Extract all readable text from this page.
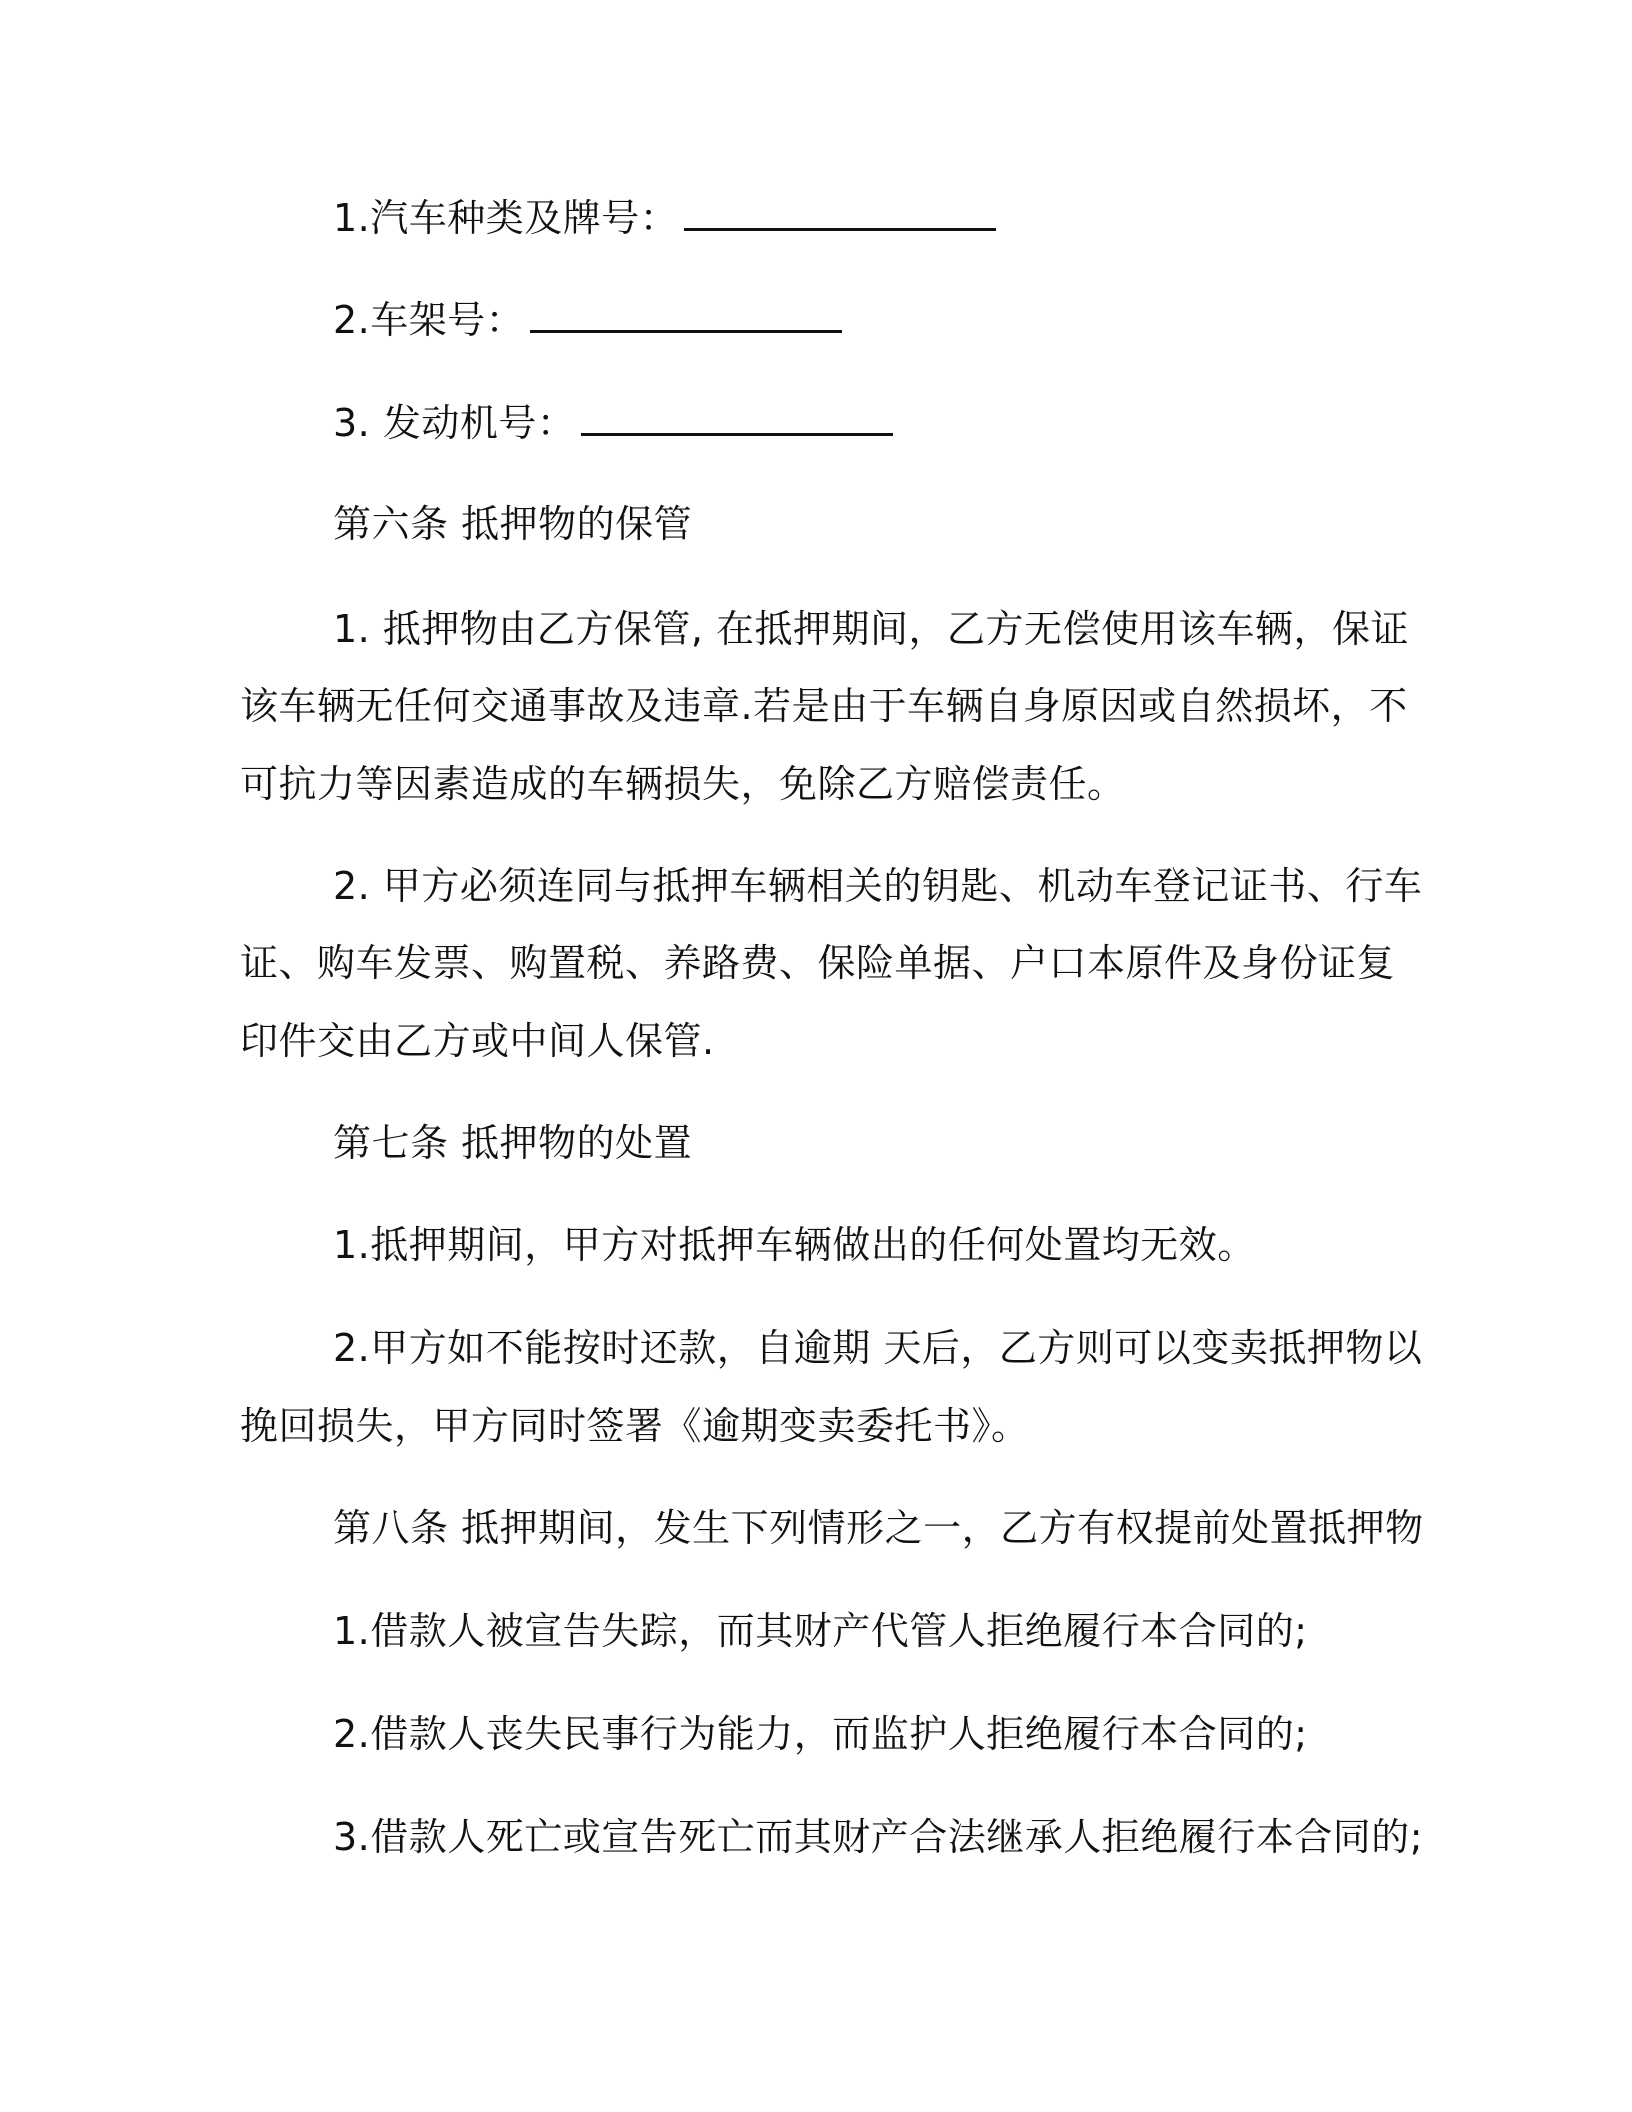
1.汽车种类及牌号：
2.车架号：
3. 发动机号：
第六条 抵押物的保管
1. 抵押物由乙方保管, 在抵押期间，乙方无偿使用该车辆，保证
该车辆无任何交通事故及违章.若是由于车辆自身原因或自然损坏，不
可抗力等因素造成的车辆损失，免除乙方赔偿责任。
2. 甲方必须连同与抵押车辆相关的钥匙、机动车登记证书、行车
证、购车发票、购置税、养路费、保险单据、户口本原件及身份证复
印件交由乙方或中间人保管.
第七条 抵押物的处置
1.抵押期间，甲方对抵押车辆做出的任何处置均无效。
2.甲方如不能按时还款，自逾期 天后，乙方则可以变卖抵押物以
挽回损失，甲方同时签署《逾期变卖委托书》。
第八条 抵押期间，发生下列情形之一，乙方有权提前处置抵押物
1.借款人被宣告失踪，而其财产代管人拒绝履行本合同的;
2.借款人丧失民事行为能力，而监护人拒绝履行本合同的;
3.借款人死亡或宣告死亡而其财产合法继承人拒绝履行本合同的;
